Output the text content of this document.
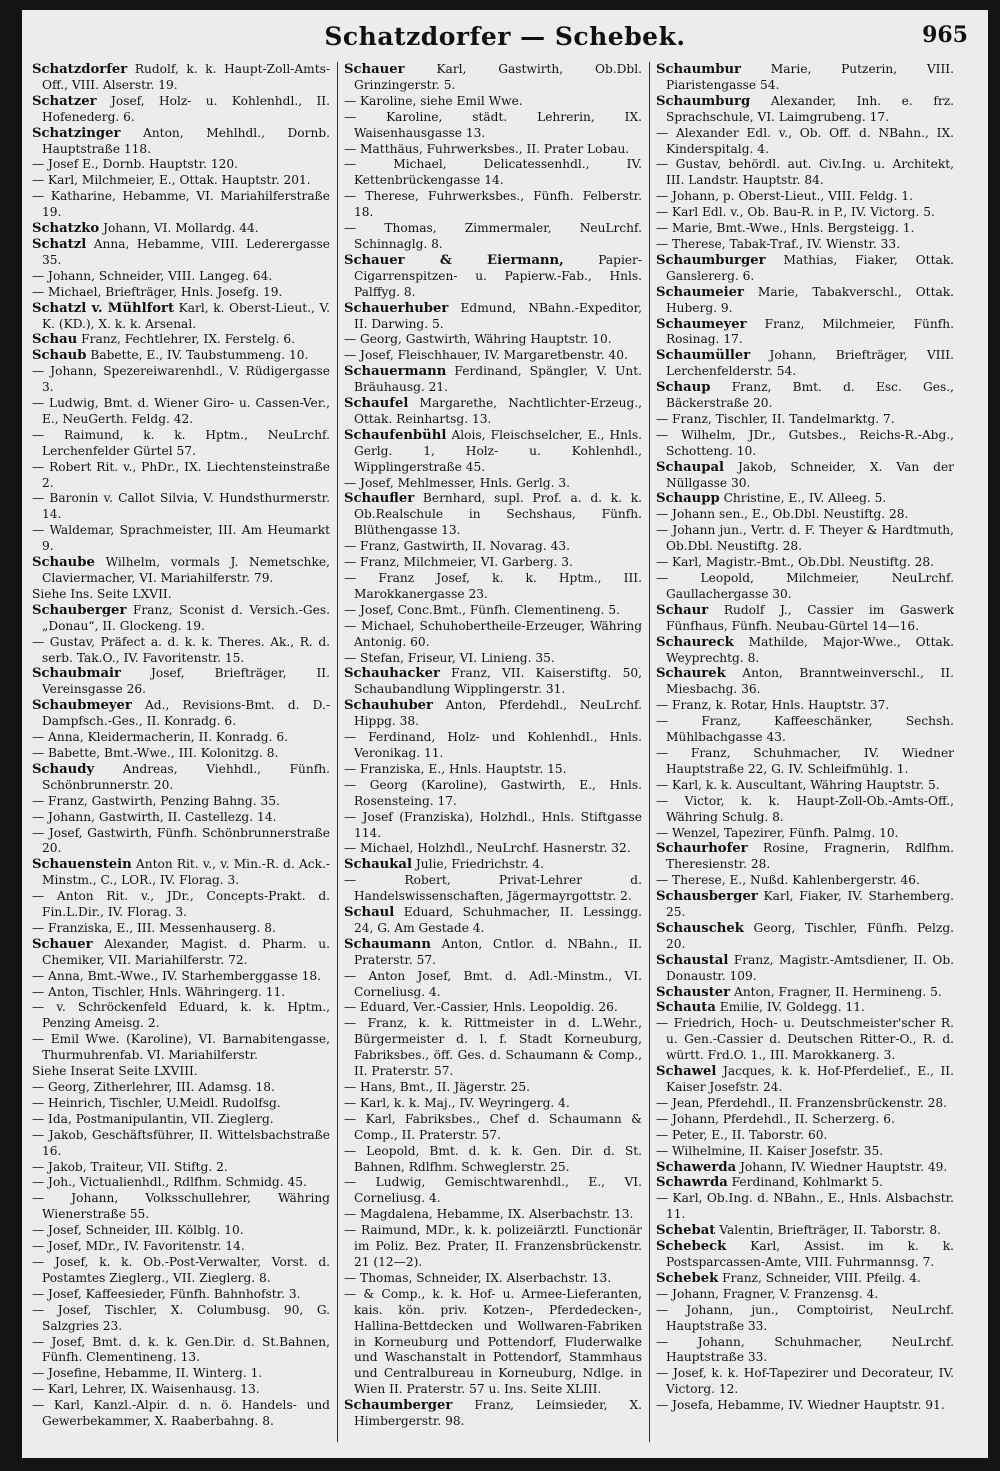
Schatzdorfer — Schebek.	965

Schatzdorfer Rudolf, k. k. Haupt-Zoll-Amts-Off., VIII. Alserstr. 19.

Schatzer Josef, Holz- u. Kohlenhdl., II. Hofenederg. 6.

Schatzinger Anton, Mehlhdl., Dornb. Hauptstraße 118.

— Josef E., Dornb. Hauptstr. 120.

— Karl, Milchmeier, E., Ottak. Hauptstr. 201.

— Katharine, Hebamme, VI. Mariahilferstraße 19.

Schatzko Johann, VI. Mollardg. 44.

Schatzl Anna, Hebamme, VIII. Lederergasse 35.

— Johann, Schneider, VIII. Langeg. 64.

— Michael, Briefträger, Hnls. Josefg. 19.

Schatzl v. Mühlfort Karl, k. Oberst-Lieut., V. K. (KD.), X. k. k. Arsenal.

Schau Franz, Fechtlehrer, IX. Ferstelg. 6.

Schaub Babette, E., IV. Taubstummeng. 10.

— Johann, Spezereiwarenhdl., V. Rüdigergasse 3.

— Ludwig, Bmt. d. Wiener Giro- u. Cassen-Ver., E., NeuGerth. Feldg. 42.

— Raimund, k. k. Hptm., NeuLrchf. Lerchenfelder Gürtel 57.

— Robert Rit. v., PhDr., IX. Liechtensteinstraße 2.

— Baronin v. Callot Silvia, V. Hundsthurmerstr. 14.

— Waldemar, Sprachmeister, III. Am Heumarkt 9.

Schaube Wilhelm, vormals J. Nemetschke, Claviermacher, VI. Mariahilferstr. 79.

Siehe Ins. Seite LXVII.

Schauberger Franz, Sconist d. Versich.-Ges. „Donau“, II. Glockeng. 19.

— Gustav, Präfect a. d. k. k. Theres. Ak., R. d. serb. Tak.O., IV. Favoritenstr. 15.

Schaubmair Josef, Briefträger, II. Vereinsgasse 26.

Schaubmeyer Ad., Revisions-Bmt. d. D.-Dampfsch.-Ges., II. Konradg. 6.

— Anna, Kleidermacherin, II. Konradg. 6.

— Babette, Bmt.-Wwe., III. Kolonitzg. 8.

Schaudy Andreas, Viehhdl., Fünfh. Schönbrunnerstr. 20.

— Franz, Gastwirth, Penzing Bahng. 35.

— Johann, Gastwirth, II. Castellezg. 14.

— Josef, Gastwirth, Fünfh. Schönbrunnerstraße 20.

Schauenstein Anton Rit. v., v. Min.-R. d. Ack.-Minstm., C., LOR., IV. Florag. 3.

— Anton Rit. v., JDr., Concepts-Prakt. d. Fin.L.Dir., IV. Florag. 3.

— Franziska, E., III. Messenhauserg. 8.

Schauer Alexander, Magist. d. Pharm. u. Chemiker, VII. Mariahilferstr. 72.

— Anna, Bmt.-Wwe., IV. Starhemberggasse 18.

— Anton, Tischler, Hnls. Währingerg. 11.

— v. Schröckenfeld Eduard, k. k. Hptm., Penzing Ameisg. 2.

— Emil Wwe. (Karoline), VI. Barnabitengasse, Thurmuhrenfab. VI. Mariahilferstr.

Siehe Inserat Seite LXVIII.

— Georg, Zitherlehrer, III. Adamsg. 18.

— Heinrich, Tischler, U.Meidl. Rudolfsg.

— Ida, Postmanipulantin, VII. Zieglerg.

— Jakob, Geschäftsführer, II. Wittelsbachstraße 16.

— Jakob, Traiteur, VII. Stiftg. 2.

— Joh., Victualienhdl., Rdlfhm. Schmidg. 45.

— Johann, Volksschullehrer, Währing Wienerstraße 55.

— Josef, Schneider, III. Kölblg. 10.

— Josef, MDr., IV. Favoritenstr. 14.

— Josef, k. k. Ob.-Post-Verwalter, Vorst. d. Postamtes Zieglerg., VII. Zieglerg. 8.

— Josef, Kaffeesieder, Fünfh. Bahnhofstr. 3.

— Josef, Tischler, X. Columbusg. 90, G. Salzgries 23.

— Josef, Bmt. d. k. k. Gen.Dir. d. St.Bahnen, Fünfh. Clementineng. 13.

— Josefine, Hebamme, II. Winterg. 1.

— Karl, Lehrer, IX. Waisenhausg. 13.

— Karl, Kanzl.-Alpir. d. n. ö. Handels- und Gewerbekammer, X. Raaberbahng. 8.

Schauer Karl, Gastwirth, Ob.Dbl. Grinzingerstr. 5.

— Karoline, siehe Emil Wwe.

— Karoline, städt. Lehrerin, IX. Waisenhausgasse 13.

— Matthäus, Fuhrwerksbes., II. Prater Lobau.

— Michael, Delicatessenhdl., IV. Kettenbrückengasse 14.

— Therese, Fuhrwerksbes., Fünfh. Felberstr. 18.

— Thomas, Zimmermaler, NeuLrchf. Schinnaglg. 8.

Schauer & Eiermann, Papier-Cigarrenspitzen- u. Papierw.-Fab., Hnls. Palffyg. 8.

Schauerhuber Edmund, NBahn.-Expeditor, II. Darwing. 5.

— Georg, Gastwirth, Währing Hauptstr. 10.

— Josef, Fleischhauer, IV. Margaretbenstr. 40.

Schauermann Ferdinand, Spängler, V. Unt. Bräuhausg. 21.

Schaufel Margarethe, Nachtlichter-Erzeug., Ottak. Reinhartsg. 13.

Schaufenbühl Alois, Fleischselcher, E., Hnls. Gerlg. 1, Holz- u. Kohlenhdl., Wipplingerstraße 45.

— Josef, Mehlmesser, Hnls. Gerlg. 3.

Schaufler Bernhard, supl. Prof. a. d. k. k. Ob.Realschule in Sechshaus, Fünfh. Blüthengasse 13.

— Franz, Gastwirth, II. Novarag. 43.

— Franz, Milchmeier, VI. Garberg. 3.

— Franz Josef, k. k. Hptm., III. Marokkanergasse 23.

— Josef, Conc.Bmt., Fünfh. Clementineng. 5.

— Michael, Schuhobertheile-Erzeuger, Währing Antonig. 60.

— Stefan, Friseur, VI. Linieng. 35.

Schauhacker Franz, VII. Kaiserstiftg. 50, Schaubandlung Wipplingerstr. 31.

Schauhuber Anton, Pferdehdl., NeuLrchf. Hippg. 38.

— Ferdinand, Holz- und Kohlenhdl., Hnls. Veronikag. 11.

— Franziska, E., Hnls. Hauptstr. 15.

— Georg (Karoline), Gastwirth, E., Hnls. Rosensteing. 17.

— Josef (Franziska), Holzhdl., Hnls. Stiftgasse 114.

— Michael, Holzhdl., NeuLrchf. Hasnerstr. 32.

Schaukal Julie, Friedrichstr. 4.

— Robert, Privat-Lehrer d. Handelswissenschaften, Jägermayrgottstr. 2.

Schaul Eduard, Schuhmacher, II. Lessingg. 24, G. Am Gestade 4.

Schaumann Anton, Cntlor. d. NBahn., II. Praterstr. 57.

— Anton Josef, Bmt. d. Adl.-Minstm., VI. Corneliusg. 4.

— Eduard, Ver.-Cassier, Hnls. Leopoldig. 26.

— Franz, k. k. Rittmeister in d. L.Wehr., Bürgermeister d. l. f. Stadt Korneuburg, Fabriksbes., öff. Ges. d. Schaumann & Comp., II. Praterstr. 57.

— Hans, Bmt., II. Jägerstr. 25.

— Karl, k. k. Maj., IV. Weyringerg. 4.

— Karl, Fabriksbes., Chef d. Schaumann & Comp., II. Praterstr. 57.

— Leopold, Bmt. d. k. k. Gen. Dir. d. St. Bahnen, Rdlfhm. Schweglerstr. 25.

— Ludwig, Gemischtwarenhdl., E., VI. Corneliusg. 4.

— Magdalena, Hebamme, IX. Alserbachstr. 13.

— Raimund, MDr., k. k. polizeiärztl. Functionär im Poliz. Bez. Prater, II. Franzensbrückenstr. 21 (12—2).

— Thomas, Schneider, IX. Alserbachstr. 13.

— & Comp., k. k. Hof- u. Armee-Lieferanten, kais. kön. priv. Kotzen-, Pferdedecken-, Hallina-Bettdecken und Wollwaren-Fabriken in Korneuburg und Pottendorf, Fluderwalke und Waschanstalt in Pottendorf, Stammhaus und Centralbureau in Korneuburg, Ndlge. in Wien II. Praterstr. 57 u. Ins. Seite XLIII.

Schaumberger Franz, Leimsieder, X. Himbergerstr. 98.

Schaumbur Marie, Putzerin, VIII. Piaristengasse 54.

Schaumburg Alexander, Inh. e. frz. Sprachschule, VI. Laimgrubeng. 17.

— Alexander Edl. v., Ob. Off. d. NBahn., IX. Kinderspitalg. 4.

— Gustav, behördl. aut. Civ.Ing. u. Architekt, III. Landstr. Hauptstr. 84.

— Johann, p. Oberst-Lieut., VIII. Feldg. 1.

— Karl Edl. v., Ob. Bau-R. in P., IV. Victorg. 5.

— Marie, Bmt.-Wwe., Hnls. Bergsteigg. 1.

— Therese, Tabak-Traf., IV. Wienstr. 33.

Schaumburger Mathias, Fiaker, Ottak. Ganslererg. 6.

Schaumeier Marie, Tabakverschl., Ottak. Huberg. 9.

Schaumeyer Franz, Milchmeier, Fünfh. Rosinag. 17.

Schaumüller Johann, Briefträger, VIII. Lerchenfelderstr. 54.

Schaup Franz, Bmt. d. Esc. Ges., Bäckerstraße 20.

— Franz, Tischler, II. Tandelmarktg. 7.

— Wilhelm, JDr., Gutsbes., Reichs-R.-Abg., Schotteng. 10.

Schaupal Jakob, Schneider, X. Van der Nüllgasse 30.

Schaupp Christine, E., IV. Alleeg. 5.

— Johann sen., E., Ob.Dbl. Neustiftg. 28.

— Johann jun., Vertr. d. F. Theyer & Hardtmuth, Ob.Dbl. Neustiftg. 28.

— Karl, Magistr.-Bmt., Ob.Dbl. Neustiftg. 28.

— Leopold, Milchmeier, NeuLrchf. Gaullachergasse 30.

Schaur Rudolf J., Cassier im Gaswerk Fünfhaus, Fünfh. Neubau-Gürtel 14—16.

Schaureck Mathilde, Major-Wwe., Ottak. Weyprechtg. 8.

Schaurek Anton, Branntweinverschl., II. Miesbachg. 36.

— Franz, k. Rotar, Hnls. Hauptstr. 37.

— Franz, Kaffeeschänker, Sechsh. Mühlbachgasse 43.

— Franz, Schuhmacher, IV. Wiedner Hauptstraße 22, G. IV. Schleifmühlg. 1.

— Karl, k. k. Auscultant, Währing Hauptstr. 5.

— Victor, k. k. Haupt-Zoll-Ob.-Amts-Off., Währing Schulg. 8.

— Wenzel, Tapezirer, Fünfh. Palmg. 10.

Schaurhofer Rosine, Fragnerin, Rdlfhm. Theresienstr. 28.

— Therese, E., Nußd. Kahlenbergerstr. 46.

Schausberger Karl, Fiaker, IV. Starhemberg. 25.

Schauschek Georg, Tischler, Fünfh. Pelzg. 20.

Schaustal Franz, Magistr.-Amtsdiener, II. Ob. Donaustr. 109.

Schauster Anton, Fragner, II. Hermineng. 5.

Schauta Emilie, IV. Goldegg. 11.

— Friedrich, Hoch- u. Deutschmeister'scher R. u. Gen.-Cassier d. Deutschen Ritter-O., R. d. württ. Frd.O. 1., III. Marokkanerg. 3.

Schawel Jacques, k. k. Hof-Pferdelief., E., II. Kaiser Josefstr. 24.

— Jean, Pferdehdl., II. Franzensbrückenstr. 28.

— Johann, Pferdehdl., II. Scherzerg. 6.

— Peter, E., II. Taborstr. 60.

— Wilhelmine, II. Kaiser Josefstr. 35.

Schawerda Johann, IV. Wiedner Hauptstr. 49.

Schawrda Ferdinand, Kohlmarkt 5.

— Karl, Ob.Ing. d. NBahn., E., Hnls. Alsbachstr. 11.

Schebat Valentin, Briefträger, II. Taborstr. 8.

Schebeck Karl, Assist. im k. k. Postsparcassen-Amte, VIII. Fuhrmannsg. 7.

Schebek Franz, Schneider, VIII. Pfeilg. 4.

— Johann, Fragner, V. Franzensg. 4.

— Johann, jun., Comptoirist, NeuLrchf. Hauptstraße 33.

— Johann, Schuhmacher, NeuLrchf. Hauptstraße 33.

— Josef, k. k. Hof-Tapezirer und Decorateur, IV. Victorg. 12.

— Josefa, Hebamme, IV. Wiedner Hauptstr. 91.
